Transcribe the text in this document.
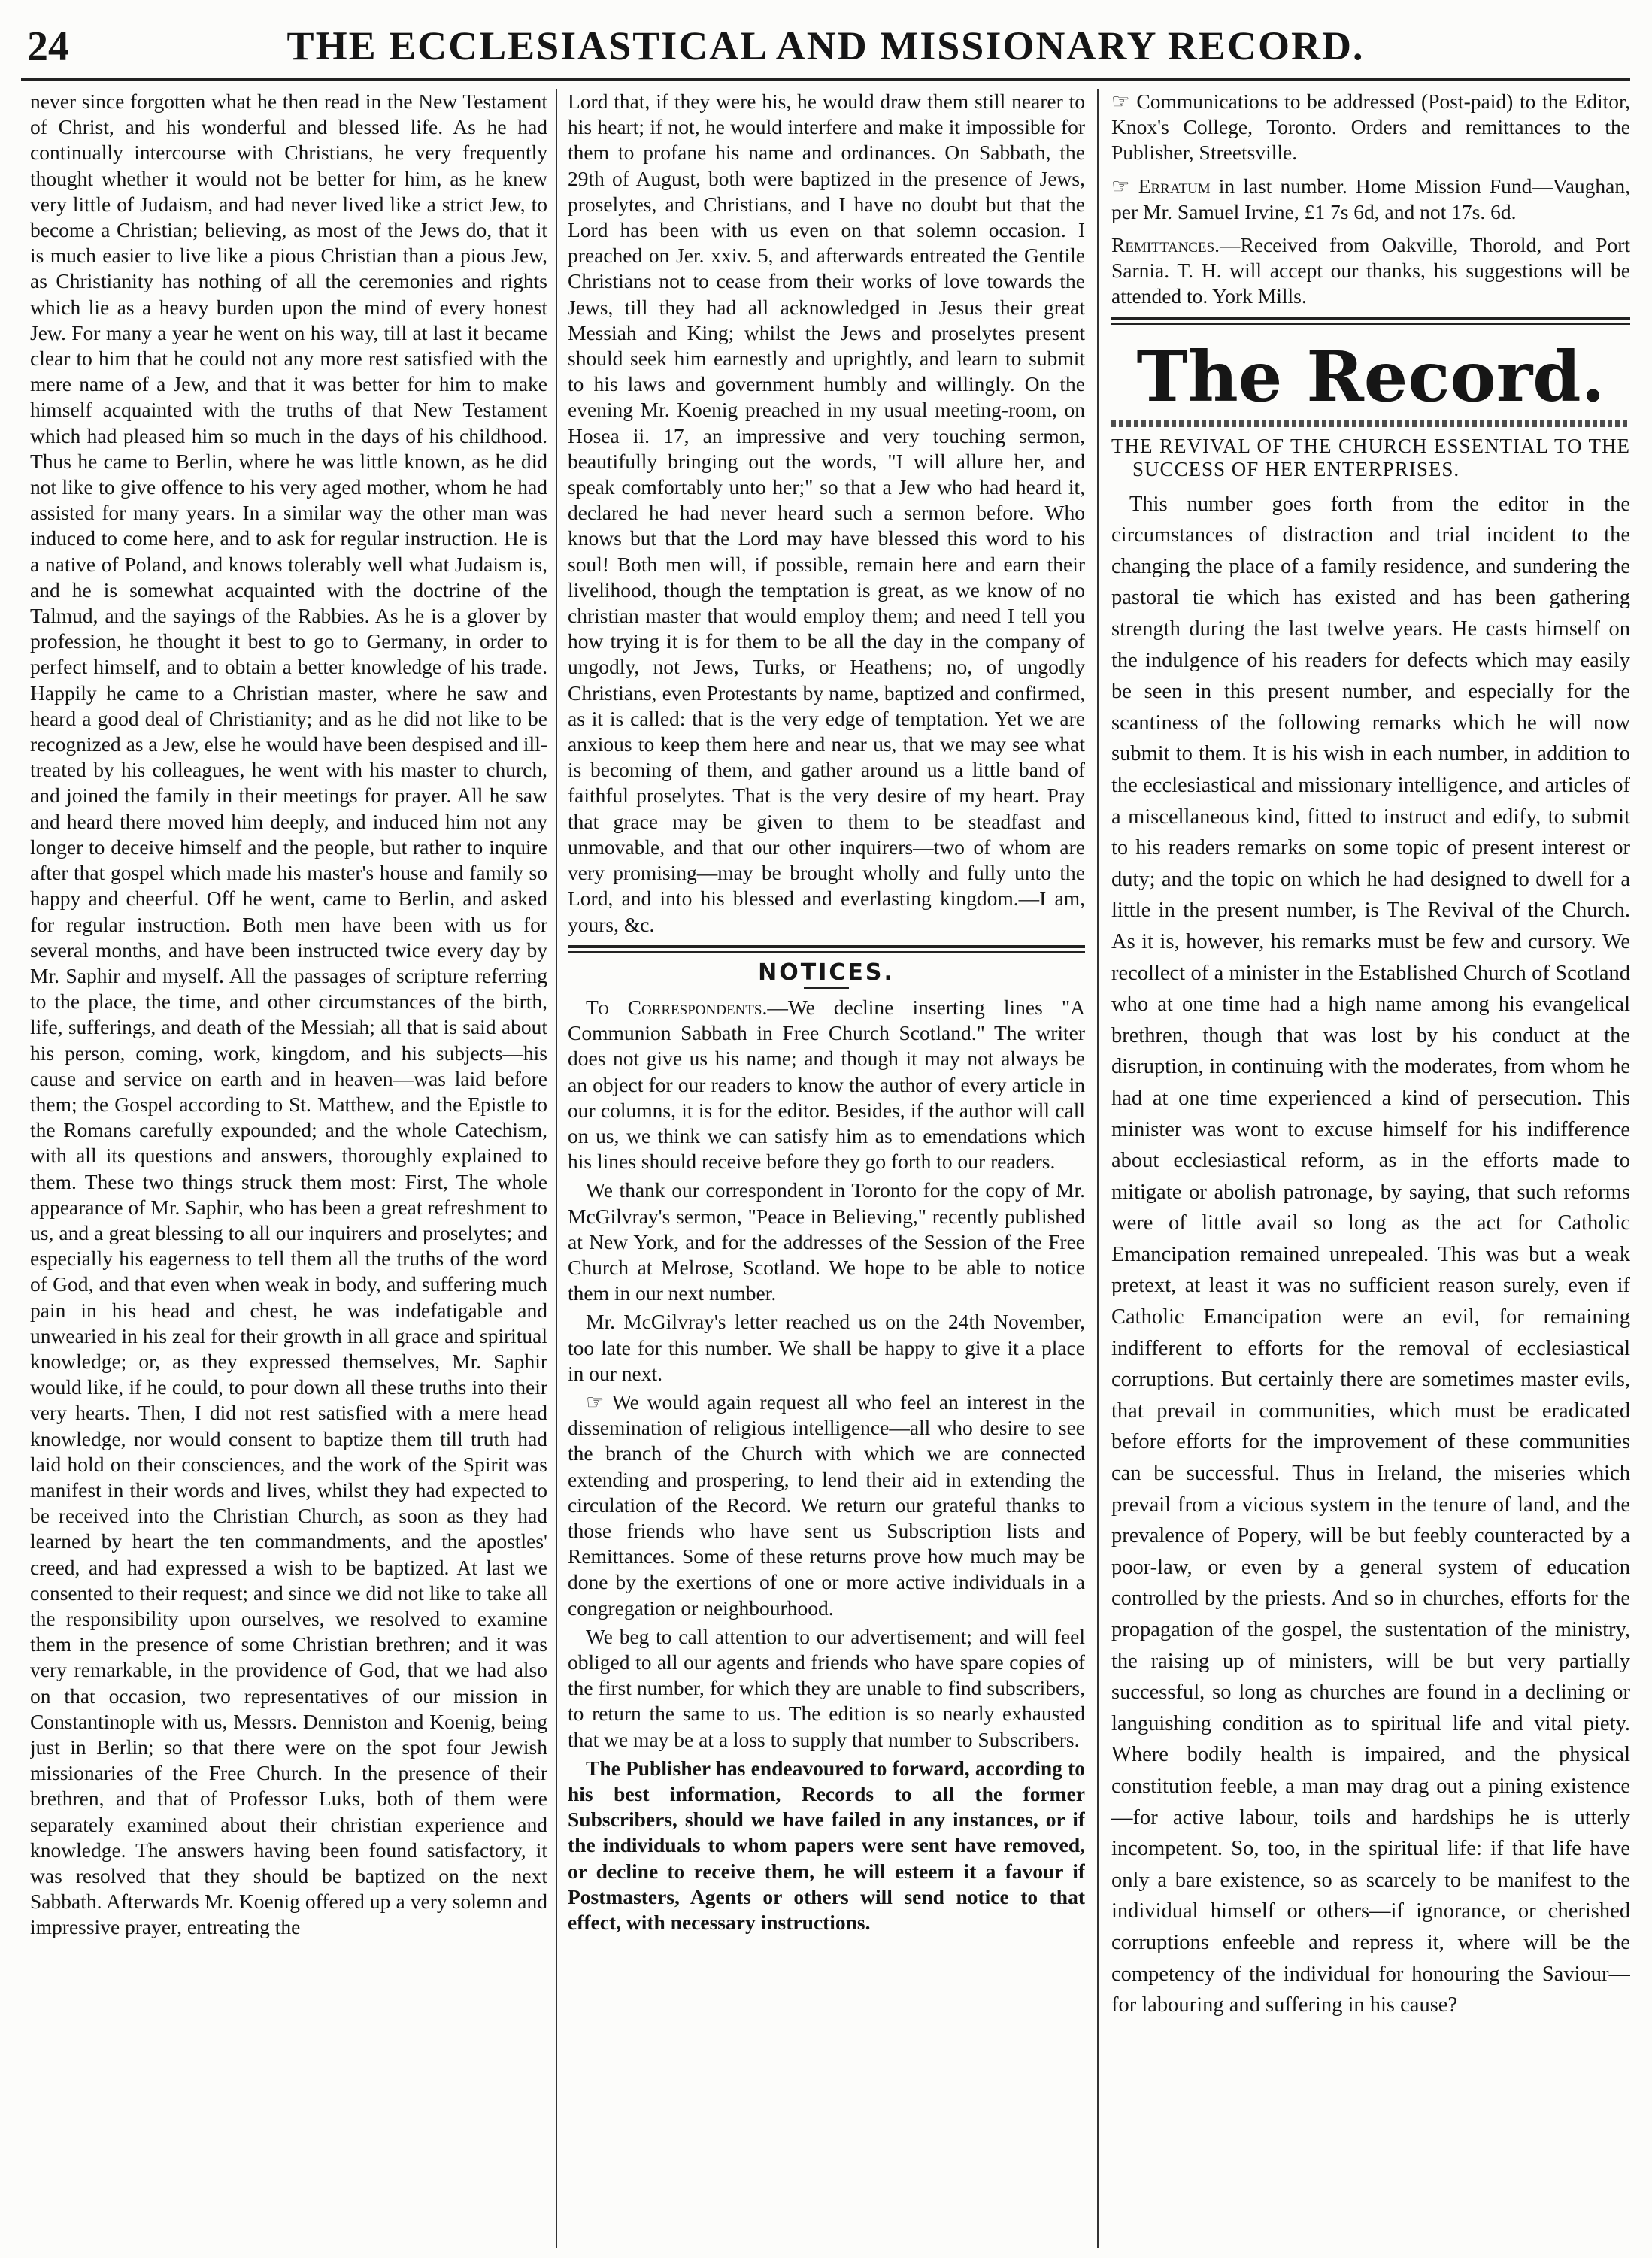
24	THE ECCLESIASTICAL AND MISSIONARY RECORD.

never since forgotten what he then read in the New Testament of Christ, and his wonderful and blessed life. As he had continually intercourse with Christians, he very frequently thought whether it would not be better for him, as he knew very little of Judaism, and had never lived like a strict Jew, to become a Christian; believing, as most of the Jews do, that it is much easier to live like a pious Christian than a pious Jew, as Christianity has nothing of all the ceremonies and rights which lie as a heavy burden upon the mind of every honest Jew. For many a year he went on his way, till at last it became clear to him that he could not any more rest satisfied with the mere name of a Jew, and that it was better for him to make himself acquainted with the truths of that New Testament which had pleased him so much in the days of his childhood. Thus he came to Berlin, where he was little known, as he did not like to give offence to his very aged mother, whom he had assisted for many years. In a similar way the other man was induced to come here, and to ask for regular instruction. He is a native of Poland, and knows tolerably well what Judaism is, and he is somewhat acquainted with the doctrine of the Talmud, and the sayings of the Rabbies. As he is a glover by profession, he thought it best to go to Germany, in order to perfect himself, and to obtain a better knowledge of his trade. Happily he came to a Christian master, where he saw and heard a good deal of Christianity; and as he did not like to be recognized as a Jew, else he would have been despised and ill-treated by his colleagues, he went with his master to church, and joined the family in their meetings for prayer. All he saw and heard there moved him deeply, and induced him not any longer to deceive himself and the people, but rather to inquire after that gospel which made his master's house and family so happy and cheerful. Off he went, came to Berlin, and asked for regular instruction. Both men have been with us for several months, and have been instructed twice every day by Mr. Saphir and myself. All the passages of scripture referring to the place, the time, and other circumstances of the birth, life, sufferings, and death of the Messiah; all that is said about his person, coming, work, kingdom, and his subjects—his cause and service on earth and in heaven—was laid before them; the Gospel according to St. Matthew, and the Epistle to the Romans carefully expounded; and the whole Catechism, with all its questions and answers, thoroughly explained to them. These two things struck them most: First, The whole appearance of Mr. Saphir, who has been a great refreshment to us, and a great blessing to all our inquirers and proselytes; and especially his eagerness to tell them all the truths of the word of God, and that even when weak in body, and suffering much pain in his head and chest, he was indefatigable and unwearied in his zeal for their growth in all grace and spiritual knowledge; or, as they expressed themselves, Mr. Saphir would like, if he could, to pour down all these truths into their very hearts. Then, I did not rest satisfied with a mere head knowledge, nor would consent to baptize them till truth had laid hold on their consciences, and the work of the Spirit was manifest in their words and lives, whilst they had expected to be received into the Christian Church, as soon as they had learned by heart the ten commandments, and the apostles' creed, and had expressed a wish to be baptized. At last we consented to their request; and since we did not like to take all the responsibility upon ourselves, we resolved to examine them in the presence of some Christian brethren; and it was very remarkable, in the providence of God, that we had also on that occasion, two representatives of our mission in Constantinople with us, Messrs. Denniston and Koenig, being just in Berlin; so that there were on the spot four Jewish missionaries of the Free Church. In the presence of their brethren, and that of Professor Luks, both of them were separately examined about their christian experience and knowledge. The answers having been found satisfactory, it was resolved that they should be baptized on the next Sabbath. Afterwards Mr. Koenig offered up a very solemn and impressive prayer, entreating the

Lord that, if they were his, he would draw them still nearer to his heart; if not, he would interfere and make it impossible for them to profane his name and ordinances. On Sabbath, the 29th of August, both were baptized in the presence of Jews, proselytes, and Christians, and I have no doubt but that the Lord has been with us even on that solemn occasion. I preached on Jer. xxiv. 5, and afterwards entreated the Gentile Christians not to cease from their works of love towards the Jews, till they had all acknowledged in Jesus their great Messiah and King; whilst the Jews and proselytes present should seek him earnestly and uprightly, and learn to submit to his laws and government humbly and willingly. On the evening Mr. Koenig preached in my usual meeting-room, on Hosea ii. 17, an impressive and very touching sermon, beautifully bringing out the words, "I will allure her, and speak comfortably unto her;" so that a Jew who had heard it, declared he had never heard such a sermon before. Who knows but that the Lord may have blessed this word to his soul! Both men will, if possible, remain here and earn their livelihood, though the temptation is great, as we know of no christian master that would employ them; and need I tell you how trying it is for them to be all the day in the company of ungodly, not Jews, Turks, or Heathens; no, of ungodly Christians, even Protestants by name, baptized and confirmed, as it is called: that is the very edge of temptation. Yet we are anxious to keep them here and near us, that we may see what is becoming of them, and gather around us a little band of faithful proselytes. That is the very desire of my heart. Pray that grace may be given to them to be steadfast and unmovable, and that our other inquirers—two of whom are very promising—may be brought wholly and fully unto the Lord, and into his blessed and everlasting kingdom.—I am, yours, &c.

NOTICES.

To Correspondents.—We decline inserting lines "A Communion Sabbath in Free Church Scotland." The writer does not give us his name; and though it may not always be an object for our readers to know the author of every article in our columns, it is for the editor. Besides, if the author will call on us, we think we can satisfy him as to emendations which his lines should receive before they go forth to our readers.

We thank our correspondent in Toronto for the copy of Mr. McGilvray's sermon, "Peace in Believing," recently published at New York, and for the addresses of the Session of the Free Church at Melrose, Scotland. We hope to be able to notice them in our next number.

Mr. McGilvray's letter reached us on the 24th November, too late for this number. We shall be happy to give it a place in our next.

☞ We would again request all who feel an interest in the dissemination of religious intelligence—all who desire to see the branch of the Church with which we are connected extending and prospering, to lend their aid in extending the circulation of the Record. We return our grateful thanks to those friends who have sent us Subscription lists and Remittances. Some of these returns prove how much may be done by the exertions of one or more active individuals in a congregation or neighbourhood.

We beg to call attention to our advertisement; and will feel obliged to all our agents and friends who have spare copies of the first number, for which they are unable to find subscribers, to return the same to us. The edition is so nearly exhausted that we may be at a loss to supply that number to Subscribers.

The Publisher has endeavoured to forward, according to his best information, Records to all the former Subscribers, should we have failed in any instances, or if the individuals to whom papers were sent have removed, or decline to receive them, he will esteem it a favour if Postmasters, Agents or others will send notice to that effect, with necessary instructions.

☞ Communications to be addressed (Post-paid) to the Editor, Knox's College, Toronto. Orders and remittances to the Publisher, Streetsville.

☞ Erratum in last number. Home Mission Fund—Vaughan, per Mr. Samuel Irvine, £1 7s 6d, and not 17s. 6d.

Remittances.—Received from Oakville, Thorold, and Port Sarnia. T. H. will accept our thanks, his suggestions will be attended to. York Mills.

The Record.
THE REVIVAL OF THE CHURCH ESSENTIAL TO THE SUCCESS OF HER ENTERPRISES.

This number goes forth from the editor in the circumstances of distraction and trial incident to the changing the place of a family residence, and sundering the pastoral tie which has existed and has been gathering strength during the last twelve years. He casts himself on the indulgence of his readers for defects which may easily be seen in this present number, and especially for the scantiness of the following remarks which he will now submit to them. It is his wish in each number, in addition to the ecclesiastical and missionary intelligence, and articles of a miscellaneous kind, fitted to instruct and edify, to submit to his readers remarks on some topic of present interest or duty; and the topic on which he had designed to dwell for a little in the present number, is The Revival of the Church. As it is, however, his remarks must be few and cursory. We recollect of a minister in the Established Church of Scotland who at one time had a high name among his evangelical brethren, though that was lost by his conduct at the disruption, in continuing with the moderates, from whom he had at one time experienced a kind of persecution. This minister was wont to excuse himself for his indifference about ecclesiastical reform, as in the efforts made to mitigate or abolish patronage, by saying, that such reforms were of little avail so long as the act for Catholic Emancipation remained unrepealed. This was but a weak pretext, at least it was no sufficient reason surely, even if Catholic Emancipation were an evil, for remaining indifferent to efforts for the removal of ecclesiastical corruptions. But certainly there are sometimes master evils, that prevail in communities, which must be eradicated before efforts for the improvement of these communities can be successful. Thus in Ireland, the miseries which prevail from a vicious system in the tenure of land, and the prevalence of Popery, will be but feebly counteracted by a poor-law, or even by a general system of education controlled by the priests. And so in churches, efforts for the propagation of the gospel, the sustentation of the ministry, the raising up of ministers, will be but very partially successful, so long as churches are found in a declining or languishing condition as to spiritual life and vital piety. Where bodily health is impaired, and the physical constitution feeble, a man may drag out a pining existence—for active labour, toils and hardships he is utterly incompetent. So, too, in the spiritual life: if that life have only a bare existence, so as scarcely to be manifest to the individual himself or others—if ignorance, or cherished corruptions enfeeble and repress it, where will be the competency of the individual for honouring the Saviour—for labouring and suffering in his cause?
